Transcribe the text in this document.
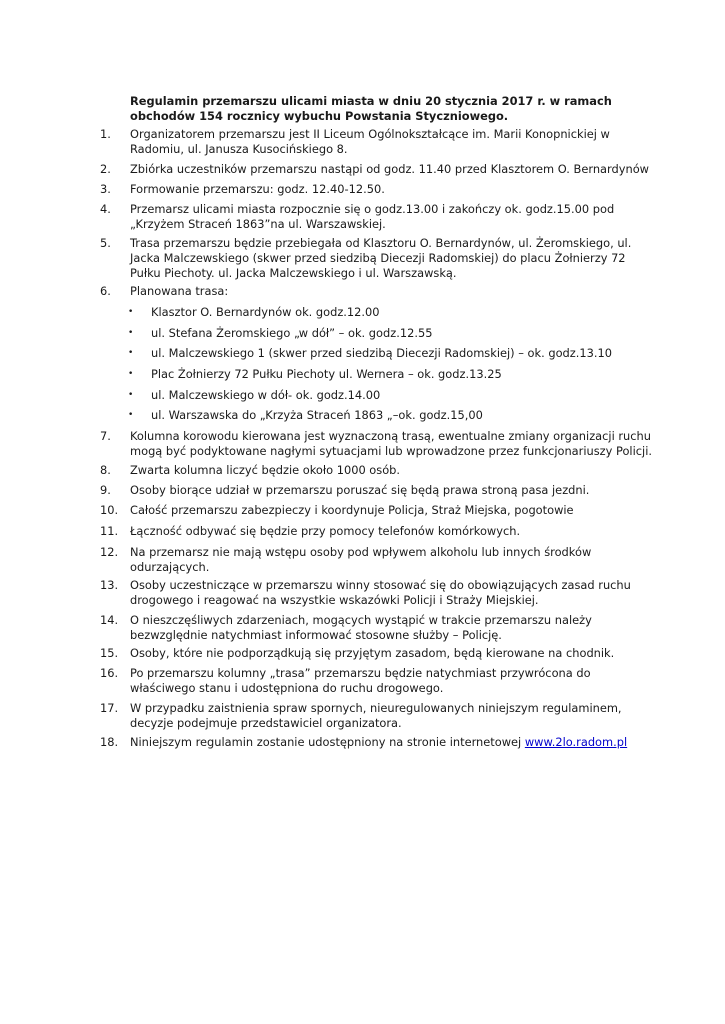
Regulamin przemarszu ulicami miasta w dniu 20 stycznia 2017 r. w ramach
obchodów 154 rocznicy wybuchu Powstania Styczniowego.
1.	Organizatorem przemarszu jest II Liceum Ogólnokształcące im. Marii Konopnickiej w
Radomiu, ul. Janusza Kusocińskiego 8.
2.	Zbiórka uczestników przemarszu nastąpi od godz. 11.40 przed Klasztorem O. Bernardynów
3.	Formowanie przemarszu: godz. 12.40-12.50.
4.	Przemarsz ulicami miasta rozpocznie się o godz.13.00 i zakończy ok. godz.15.00 pod
„Krzyżem Straceń 1863”na ul. Warszawskiej.
5.	Trasa przemarszu będzie przebiegała od Klasztoru O. Bernardynów, ul. Żeromskiego, ul.
Jacka Malczewskiego (skwer przed siedzibą Diecezji Radomskiej) do placu Żołnierzy 72
Pułku Piechoty. ul. Jacka Malczewskiego i ul. Warszawską.
6.	Planowana trasa:
• Klasztor O. Bernardynów ok. godz.12.00
• ul. Stefana Żeromskiego „w dół” – ok. godz.12.55
• ul. Malczewskiego 1 (skwer przed siedzibą Diecezji Radomskiej) – ok. godz.13.10
• Plac Żołnierzy 72 Pułku Piechoty ul. Wernera – ok. godz.13.25
• ul. Malczewskiego w dół- ok. godz.14.00
• ul. Warszawska do „Krzyża Straceń 1863 „–ok. godz.15,00
7.	Kolumna korowodu kierowana jest wyznaczoną trasą, ewentualne zmiany organizacji ruchu
mogą być podyktowane nagłymi sytuacjami lub wprowadzone przez funkcjonariuszy Policji.
8.	Zwarta kolumna liczyć będzie około 1000 osób.
9.	Osoby biorące udział w przemarszu poruszać się będą prawa stroną pasa jezdni.
10.	Całość przemarszu zabezpieczy i koordynuje Policja, Straż Miejska, pogotowie
11.	Łączność odbywać się będzie przy pomocy telefonów komórkowych.
12.	Na przemarsz nie mają wstępu osoby pod wpływem alkoholu lub innych środków
odurzających.
13.	Osoby uczestniczące w przemarszu winny stosować się do obowiązujących zasad ruchu
drogowego i reagować na wszystkie wskazówki Policji i Straży Miejskiej.
14.	O nieszczęśliwych zdarzeniach, mogących wystąpić w trakcie przemarszu należy
bezwzględnie natychmiast informować stosowne służby – Policję.
15.	Osoby, które nie podporządkują się przyjętym zasadom, będą kierowane na chodnik.
16.	Po przemarszu kolumny „trasa” przemarszu będzie natychmiast przywrócona do
właściwego stanu i udostępniona do ruchu drogowego.
17.	W przypadku zaistnienia spraw spornych, nieuregulowanych niniejszym regulaminem,
decyzje podejmuje przedstawiciel organizatora.
18.	Niniejszym regulamin zostanie udostępniony na stronie internetowej www.2lo.radom.pl
